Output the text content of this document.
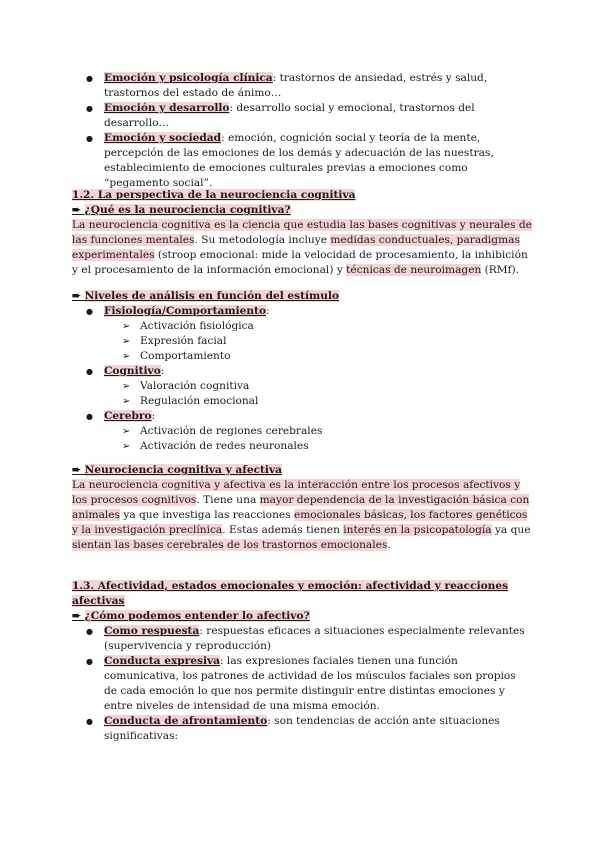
● Emoción y psicología clínica: trastornos de ansiedad, estrés y salud, trastornos del estado de ánimo…
● Emoción y desarrollo: desarrollo social y emocional, trastornos del desarrollo…
● Emoción y sociedad: emoción, cognición social y teoría de la mente, percepción de las emociones de los demás y adecuación de las nuestras, establecimiento de emociones culturales previas a emociones como “pegamento social”.
1.2. La perspectiva de la neurociencia cognitiva
➨ ¿Qué es la neurociencia cognitiva?
La neurociencia cognitiva es la ciencia que estudia las bases cognitivas y neurales de las funciones mentales. Su metodología incluye medidas conductuales, paradigmas experimentales (stroop emocional: mide la velocidad de procesamiento, la inhibición y el procesamiento de la información emocional) y técnicas de neuroimagen (RMf).
➨ Niveles de análisis en función del estímulo
● Fisiología/Comportamiento:
➢ Activación fisiológica
➢ Expresión facial
➢ Comportamiento
● Cognitivo:
➢ Valoración cognitiva
➢ Regulación emocional
● Cerebro:
➢ Activación de regiones cerebrales
➢ Activación de redes neuronales
➨ Neurociencia cognitiva y afectiva
La neurociencia cognitiva y afectiva es la interacción entre los procesos afectivos y los procesos cognitivos. Tiene una mayor dependencia de la investigación básica con animales ya que investiga las reacciones emocionales básicas, los factores genéticos y la investigación preclínica. Estas además tienen interés en la psicopatología ya que sientan las bases cerebrales de los trastornos emocionales.
1.3. Afectividad, estados emocionales y emoción: afectividad y reacciones afectivas
➨ ¿Cómo podemos entender lo afectivo?
● Como respuesta: respuestas eficaces a situaciones especialmente relevantes (supervivencia y reproducción)
● Conducta expresiva: las expresiones faciales tienen una función comunicativa, los patrones de actividad de los músculos faciales son propios de cada emoción lo que nos permite distinguir entre distintas emociones y entre niveles de intensidad de una misma emoción.
● Conducta de afrontamiento: son tendencias de acción ante situaciones significativas:
